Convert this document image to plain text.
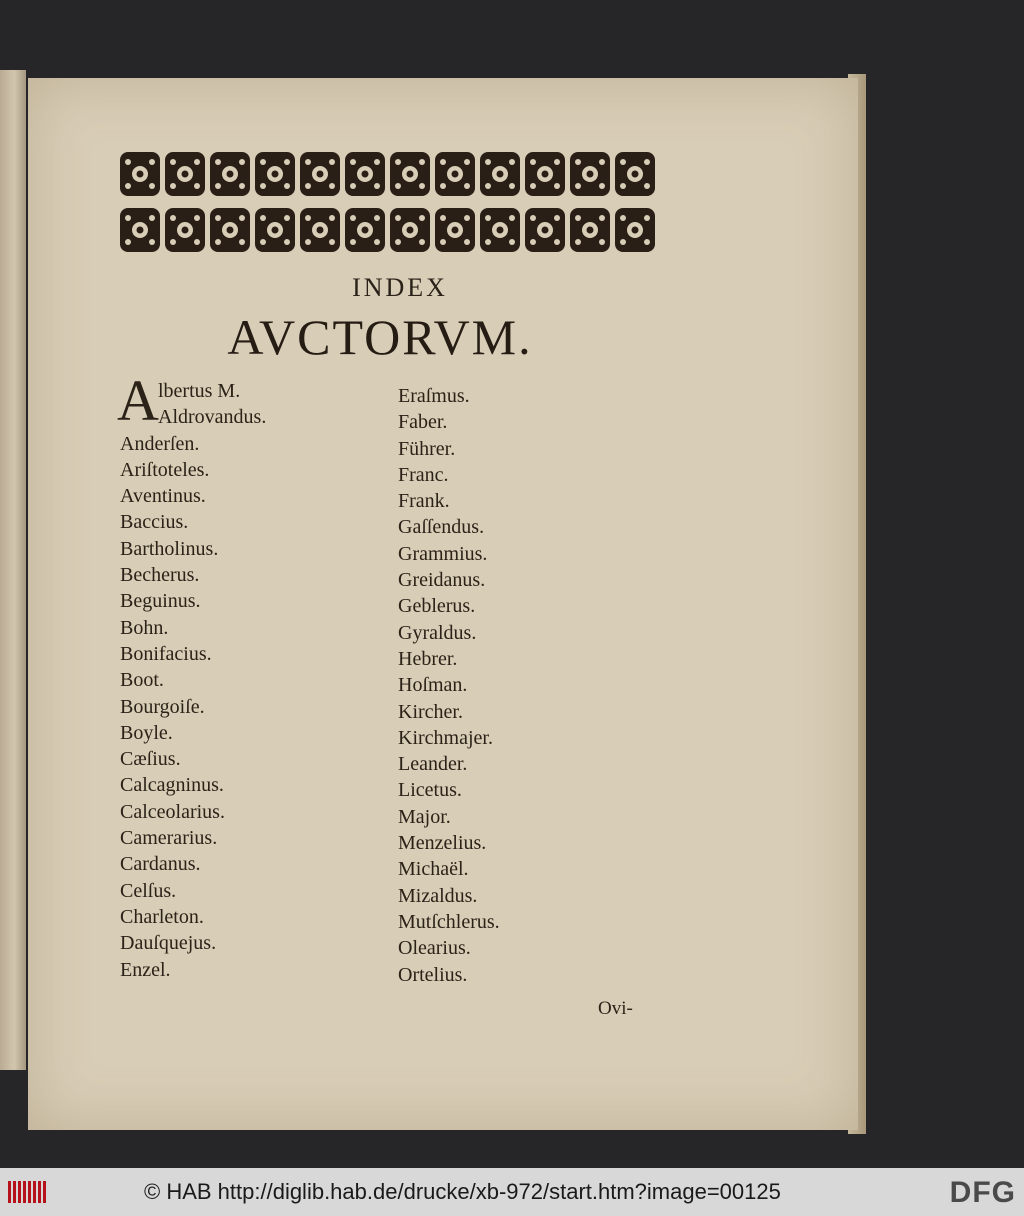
INDEX
AVCTORVM.
A lbertus M.
Aldrovandus.
Anderſen.
Ariſtoteles.
Aventinus.
Baccius.
Bartholinus.
Becherus.
Beguinus.
Bohn.
Bonifacius.
Boot.
Bourgoiſe.
Boyle.
Cæſius.
Calcagninus.
Calceolarius.
Camerarius.
Cardanus.
Celſus.
Charleton.
Dauſquejus.
Enzel.
Eraſmus.
Faber.
Führer.
Franc.
Frank.
Gaſſendus.
Grammius.
Greidanus.
Geblerus.
Gyraldus.
Hebrer.
Hoſman.
Kircher.
Kirchmajer.
Leander.
Licetus.
Major.
Menzelius.
Michaël.
Mizaldus.
Mutſchlerus.
Olearius.
Ortelius.
Ovi-
© HAB http://diglib.hab.de/drucke/xb-972/start.htm?image=00125	DFG
